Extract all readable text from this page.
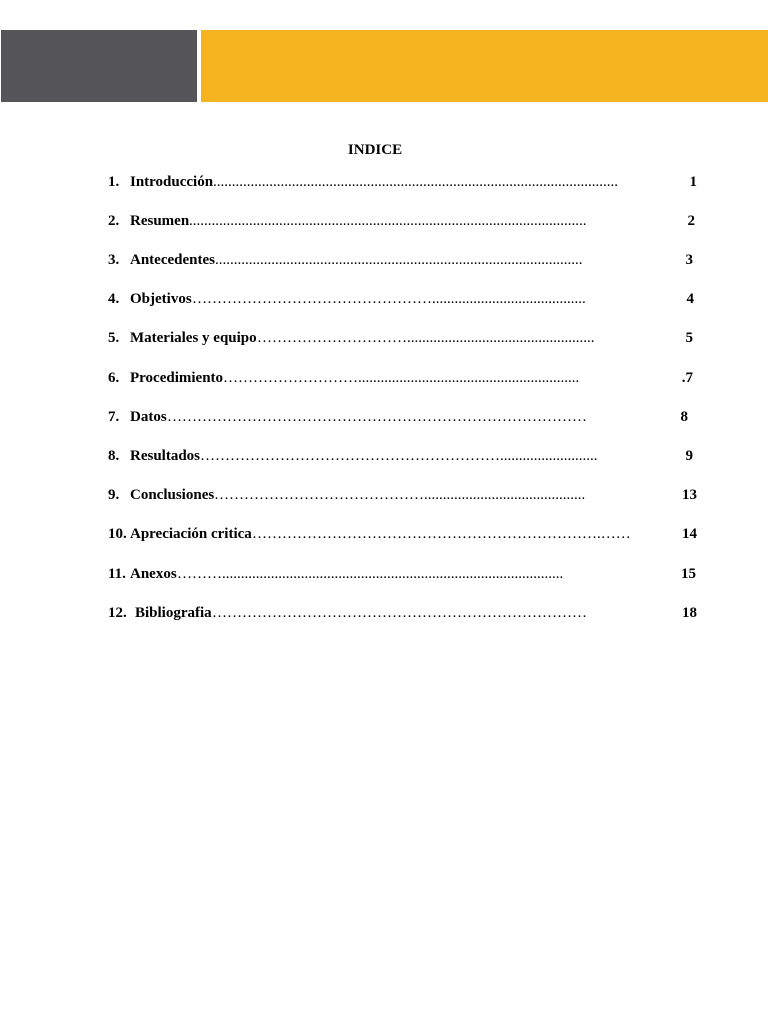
INDICE
1. Introducción ............................................................................................................	1
2. Resumen ..........................................................................................................	2
3. Antecedentes ..................................................................................................	3
4. Objetivos ………………………………………….........................................	4
5. Materiales y equipo …………………………..................................................	5
6. Procedimiento ………………………...........................................................	.7
7. Datos …………………………………………………………………………	8
8. Resultados ……………………………………………………..........................	9
9. Conclusiones ……………………………………...........................................	13
10. Apreciación critica …………………………………………………………….……	14
11. Anexos ………...........................................................................................	15
12. Bibliografia …………………………………………………………………	18
